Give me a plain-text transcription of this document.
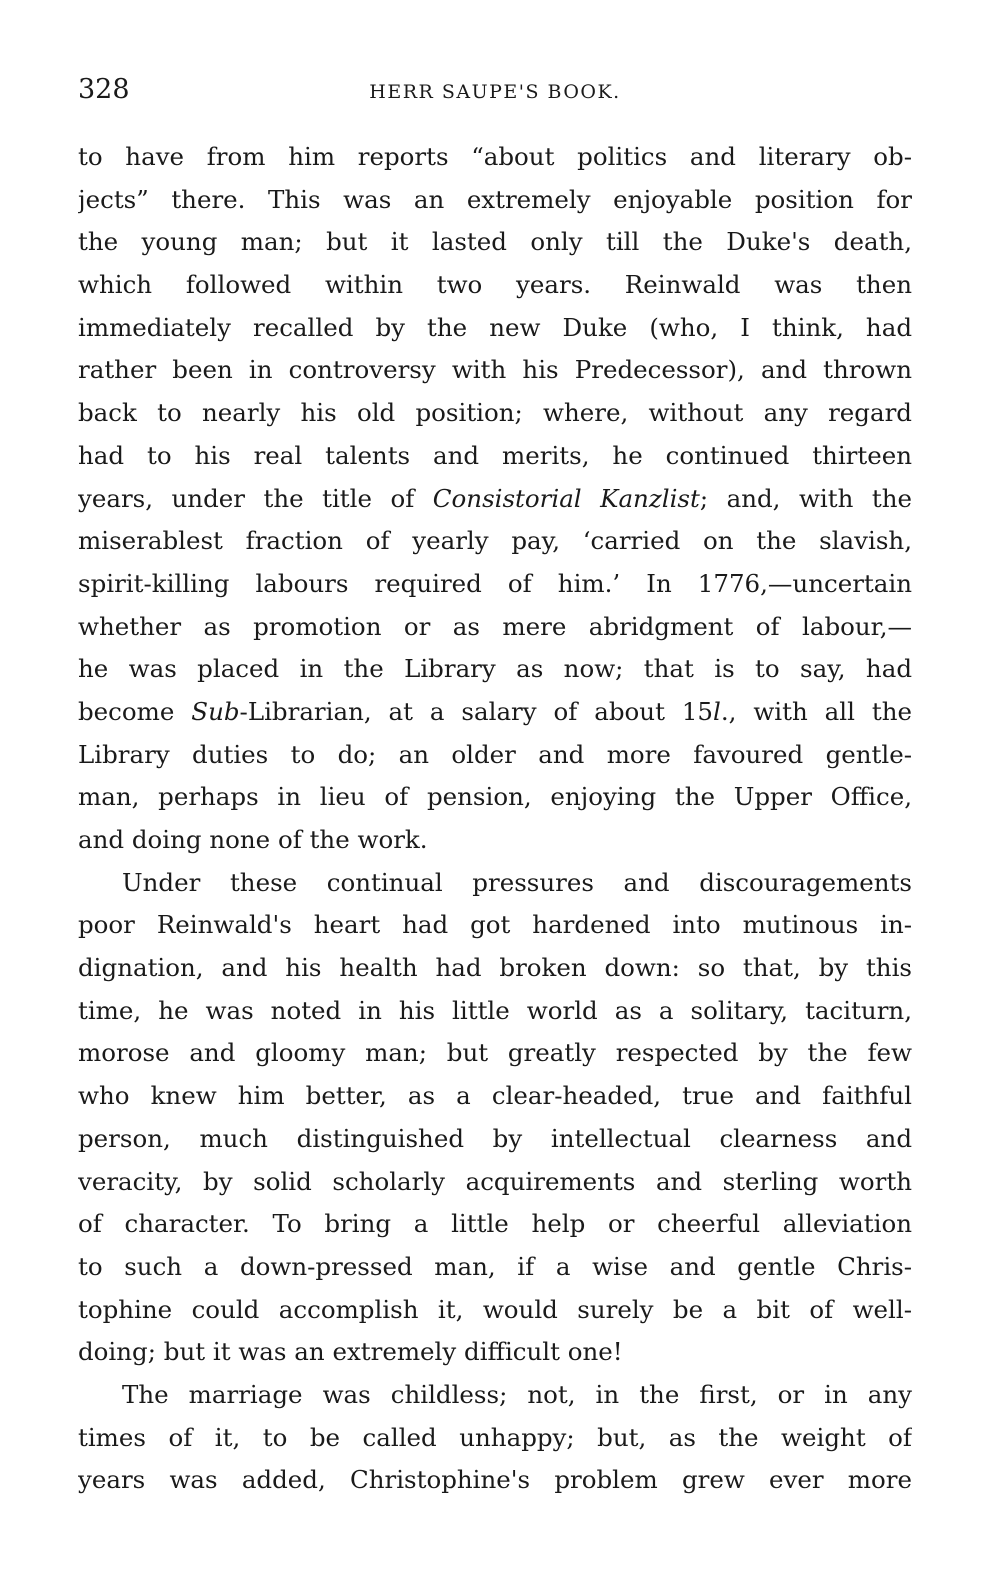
328	HERR SAUPE'S BOOK.
to have from him reports “about politics and literary ob-
jects” there. This was an extremely enjoyable position for
the young man; but it lasted only till the Duke's death,
which followed within two years. Reinwald was then
immediately recalled by the new Duke (who, I think, had
rather been in controversy with his Predecessor), and thrown
back to nearly his old position; where, without any regard
had to his real talents and merits, he continued thirteen
years, under the title of Consistorial Kanzlist; and, with the
miserablest fraction of yearly pay, ‘carried on the slavish,
spirit-killing labours required of him.’ In 1776,—uncertain
whether as promotion or as mere abridgment of labour,—
he was placed in the Library as now; that is to say, had
become Sub-Librarian, at a salary of about 15l., with all the
Library duties to do; an older and more favoured gentle-
man, perhaps in lieu of pension, enjoying the Upper Office,
and doing none of the work.
Under these continual pressures and discouragements
poor Reinwald's heart had got hardened into mutinous in-
dignation, and his health had broken down: so that, by this
time, he was noted in his little world as a solitary, taciturn,
morose and gloomy man; but greatly respected by the few
who knew him better, as a clear-headed, true and faithful
person, much distinguished by intellectual clearness and
veracity, by solid scholarly acquirements and sterling worth
of character. To bring a little help or cheerful alleviation
to such a down-pressed man, if a wise and gentle Chris-
tophine could accomplish it, would surely be a bit of well-
doing; but it was an extremely difficult one!
The marriage was childless; not, in the first, or in any
times of it, to be called unhappy; but, as the weight of
years was added, Christophine's problem grew ever more
